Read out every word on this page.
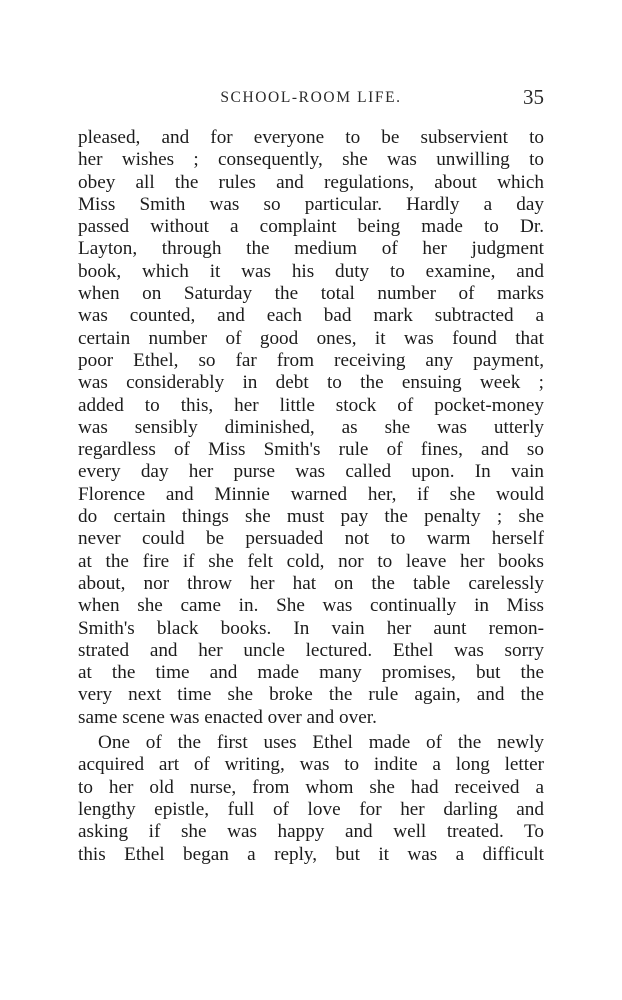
SCHOOL-ROOM LIFE.	35
pleased, and for everyone to be subservient to
her wishes ; consequently, she was unwilling to
obey all the rules and regulations, about which
Miss Smith was so particular. Hardly a day
passed without a complaint being made to Dr.
Layton, through the medium of her judgment
book, which it was his duty to examine, and
when on Saturday the total number of marks
was counted, and each bad mark subtracted a
certain number of good ones, it was found that
poor Ethel, so far from receiving any payment,
was considerably in debt to the ensuing week ;
added to this, her little stock of pocket-money
was sensibly diminished, as she was utterly
regardless of Miss Smith's rule of fines, and so
every day her purse was called upon. In vain
Florence and Minnie warned her, if she would
do certain things she must pay the penalty ; she
never could be persuaded not to warm herself
at the fire if she felt cold, nor to leave her books
about, nor throw her hat on the table carelessly
when she came in. She was continually in Miss
Smith's black books. In vain her aunt remon-
strated and her uncle lectured. Ethel was sorry
at the time and made many promises, but the
very next time she broke the rule again, and the
same scene was enacted over and over.
One of the first uses Ethel made of the newly
acquired art of writing, was to indite a long letter
to her old nurse, from whom she had received a
lengthy epistle, full of love for her darling and
asking if she was happy and well treated. To
this Ethel began a reply, but it was a difficult
